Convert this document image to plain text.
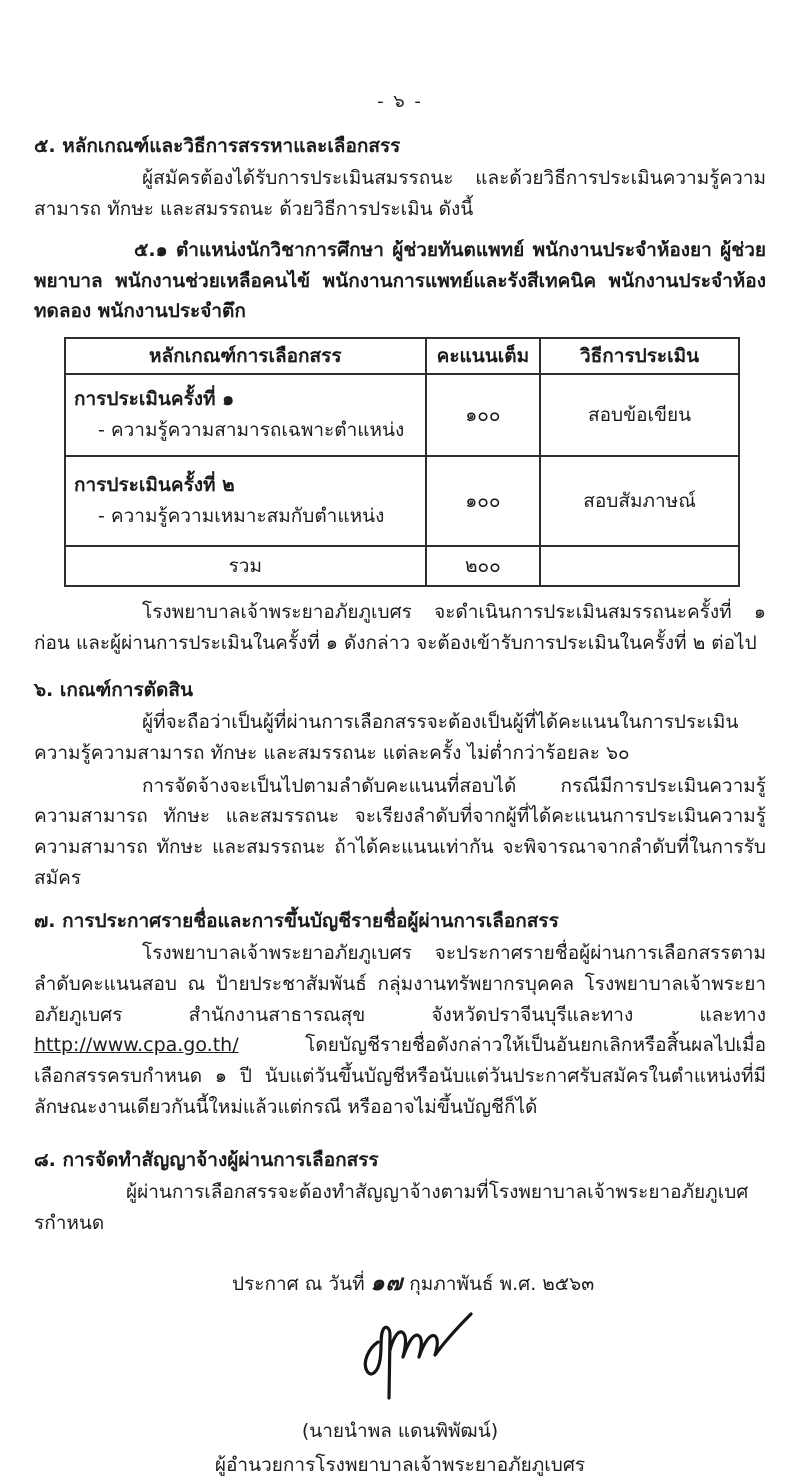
- ๖ -

๕. หลักเกณฑ์และวิธีการสรรหาและเลือกสรร

ผู้สมัครต้องได้รับการประเมินสมรรถนะ และด้วยวิธีการประเมินความรู้ความสามารถ ทักษะ และสมรรถนะ ด้วยวิธีการประเมิน ดังนี้

๕.๑ ตำแหน่งนักวิชาการศึกษา ผู้ช่วยทันตแพทย์ พนักงานประจำห้องยา ผู้ช่วยพยาบาล พนักงานช่วยเหลือคนไข้ พนักงานการแพทย์และรังสีเทคนิค พนักงานประจำห้องทดลอง พนักงานประจำตึก

หลักเกณฑ์การเลือกสรร	คะแนนเต็ม	วิธีการประเมิน

การประเมินครั้งที่ ๑
- ความรู้ความสามารถเฉพาะตำแหน่ง	๑๐๐	สอบข้อเขียน

การประเมินครั้งที่ ๒
- ความรู้ความเหมาะสมกับตำแหน่ง	๑๐๐	สอบสัมภาษณ์
รวม	๒๐๐	

โรงพยาบาลเจ้าพระยาอภัยภูเบศร จะดำเนินการประเมินสมรรถนะครั้งที่ ๑ ก่อน และผู้ผ่านการประเมินในครั้งที่ ๑ ดังกล่าว จะต้องเข้ารับการประเมินในครั้งที่ ๒ ต่อไป

๖. เกณฑ์การตัดสิน

ผู้ที่จะถือว่าเป็นผู้ที่ผ่านการเลือกสรรจะต้องเป็นผู้ที่ได้คะแนนในการประเมินความรู้ความสามารถ ทักษะ และสมรรถนะ แต่ละครั้ง ไม่ต่ำกว่าร้อยละ ๖๐

การจัดจ้างจะเป็นไปตามลำดับคะแนนที่สอบได้ กรณีมีการประเมินความรู้ความสามารถ ทักษะ และสมรรถนะ จะเรียงลำดับที่จากผู้ที่ได้คะแนนการประเมินความรู้ความสามารถ ทักษะ และสมรรถนะ ถ้าได้คะแนนเท่ากัน จะพิจารณาจากลำดับที่ในการรับสมัคร

๗. การประกาศรายชื่อและการขึ้นบัญชีรายชื่อผู้ผ่านการเลือกสรร

โรงพยาบาลเจ้าพระยาอภัยภูเบศร จะประกาศรายชื่อผู้ผ่านการเลือกสรรตามลำดับคะแนนสอบ ณ ป้ายประชาสัมพันธ์ กลุ่มงานทรัพยากรบุคคล โรงพยาบาลเจ้าพระยาอภัยภูเบศร สำนักงานสาธารณสุข จังหวัดปราจีนบุรีและทาง และทาง http://www.cpa.go.th/ โดยบัญชีรายชื่อดังกล่าวให้เป็นอันยกเลิกหรือสิ้นผลไปเมื่อเลือกสรรครบกำหนด ๑ ปี นับแต่วันขึ้นบัญชีหรือนับแต่วันประกาศรับสมัครในตำแหน่งที่มีลักษณะงานเดียวกันนี้ใหม่แล้วแต่กรณี หรืออาจไม่ขึ้นบัญชีก็ได้

๘. การจัดทำสัญญาจ้างผู้ผ่านการเลือกสรร

ผู้ผ่านการเลือกสรรจะต้องทำสัญญาจ้างตามที่โรงพยาบาลเจ้าพระยาอภัยภูเบศรกำหนด

ประกาศ ณ วันที่ ๑๗ กุมภาพันธ์ พ.ศ. ๒๕๖๓

(นายนำพล แดนพิพัฒน์)
ผู้อำนวยการโรงพยาบาลเจ้าพระยาอภัยภูเบศร
